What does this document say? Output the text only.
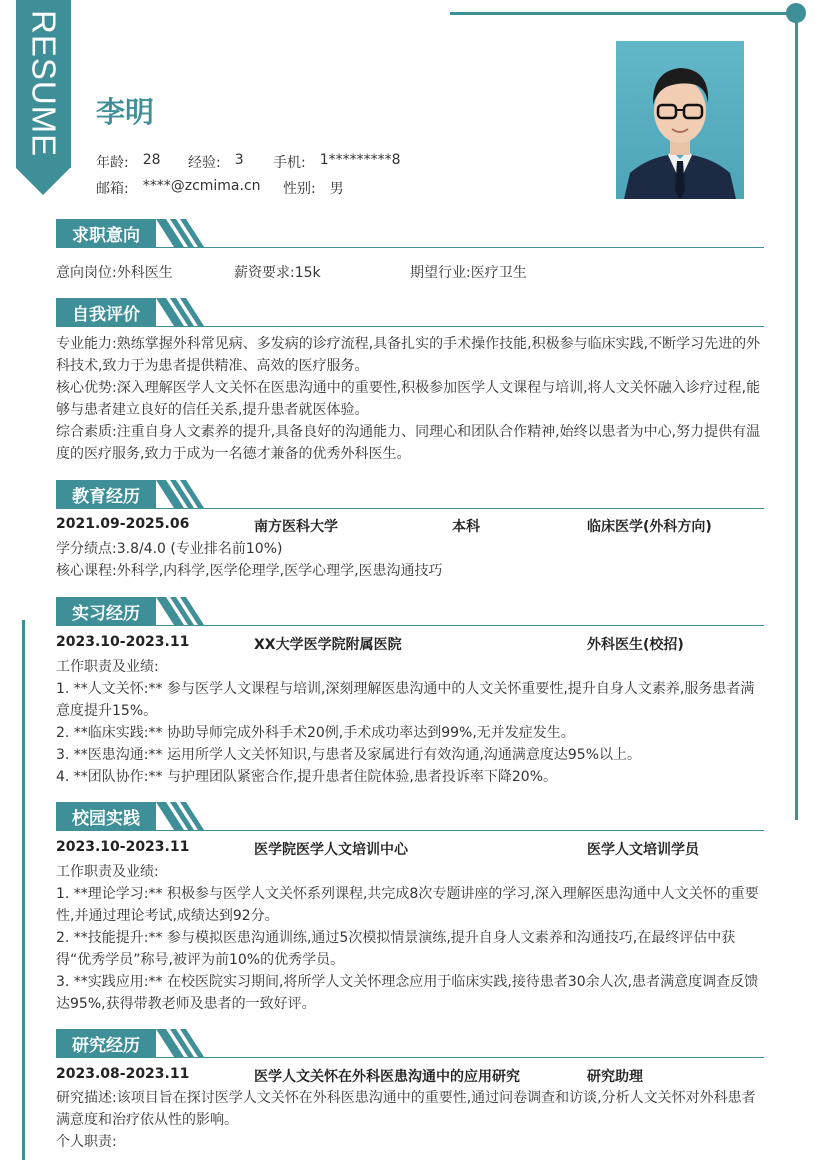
RESUME 李明
年龄: 28 经验: 3 手机: 1*********8
邮箱: ****@zcmima.cn 性别: 男
求职意向
意向岗位:外科医生	薪资要求:15k	期望行业:医疗卫生
自我评价
专业能力:熟练掌握外科常见病、多发病的诊疗流程,具备扎实的手术操作技能,积极参与临床实践,不断学习先进的外科技术,致力于为患者提供精准、高效的医疗服务。
核心优势:深入理解医学人文关怀在医患沟通中的重要性,积极参加医学人文课程与培训,将人文关怀融入诊疗过程,能够与患者建立良好的信任关系,提升患者就医体验。
综合素质:注重自身人文素养的提升,具备良好的沟通能力、同理心和团队合作精神,始终以患者为中心,努力提供有温度的医疗服务,致力于成为一名德才兼备的优秀外科医生。
教育经历
2021.09-2025.06	南方医科大学	本科	临床医学(外科方向)
学分绩点:3.8/4.0 (专业排名前10%)
核心课程:外科学,内科学,医学伦理学,医学心理学,医患沟通技巧
实习经历
2023.10-2023.11	XX大学医学院附属医院	外科医生(校招)
工作职责及业绩:
1. **人文关怀:** 参与医学人文课程与培训,深刻理解医患沟通中的人文关怀重要性,提升自身人文素养,服务患者满意度提升15%。
2. **临床实践:** 协助导师完成外科手术20例,手术成功率达到99%,无并发症发生。
3. **医患沟通:** 运用所学人文关怀知识,与患者及家属进行有效沟通,沟通满意度达95%以上。
4. **团队协作:** 与护理团队紧密合作,提升患者住院体验,患者投诉率下降20%。
校园实践
2023.10-2023.11	医学院医学人文培训中心	医学人文培训学员
工作职责及业绩:
1. **理论学习:** 积极参与医学人文关怀系列课程,共完成8次专题讲座的学习,深入理解医患沟通中人文关怀的重要性,并通过理论考试,成绩达到92分。
2. **技能提升:** 参与模拟医患沟通训练,通过5次模拟情景演练,提升自身人文素养和沟通技巧,在最终评估中获得“优秀学员”称号,被评为前10%的优秀学员。
3. **实践应用:** 在校医院实习期间,将所学人文关怀理念应用于临床实践,接待患者30余人次,患者满意度调查反馈达95%,获得带教老师及患者的一致好评。
研究经历
2023.08-2023.11	医学人文关怀在外科医患沟通中的应用研究	研究助理
研究描述:该项目旨在探讨医学人文关怀在外科医患沟通中的重要性,通过问卷调查和访谈,分析人文关怀对外科患者满意度和治疗依从性的影响。
个人职责:
